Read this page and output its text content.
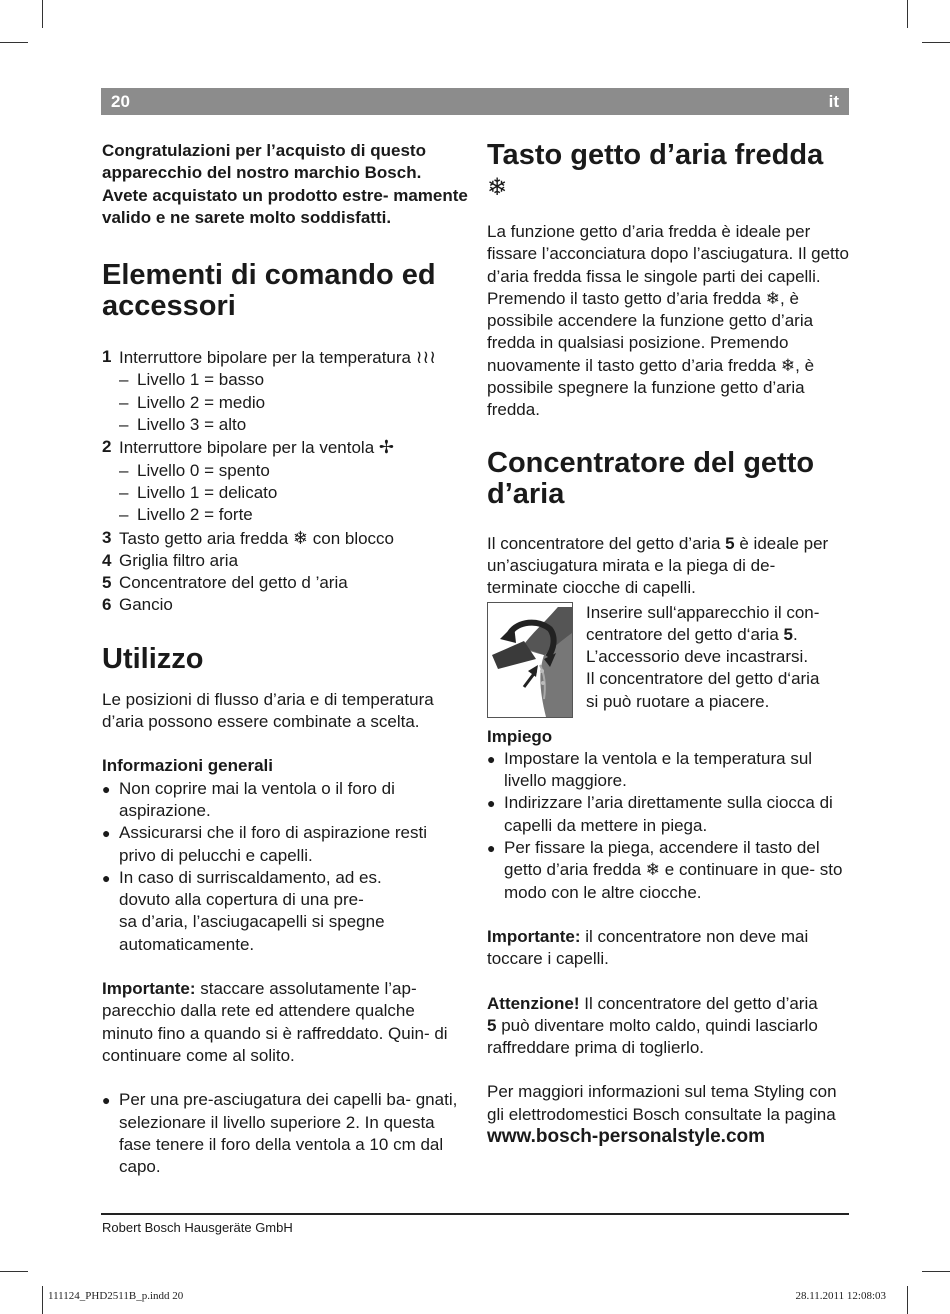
20	it

Congratulazioni per l’acquisto di questo apparecchio del nostro marchio Bosch. Avete acquistato un prodotto estre- mamente valido e ne sarete molto soddisfatti.

Elementi di comando ed
accessori
1 Interruttore bipolare per la temperatura ≀≀≀
– Livello 1 = basso
– Livello 2 = medio
– Livello 3 = alto
2 Interruttore bipolare per la ventola ✢
– Livello 0 = spento
– Livello 1 = delicato
– Livello 2 = forte
3 Tasto getto aria fredda ❄ con blocco
4 Griglia filtro aria
5 Concentratore del getto d ’aria
6 Gancio
Utilizzo

Le posizioni di flusso d’aria e di temperatura d’aria possono essere combinate a scelta.

Informazioni generali

● Non coprire mai la ventola o il foro di aspirazione.
● Assicurarsi che il foro di aspirazione resti privo di pelucchi e capelli.
● In caso di surriscaldamento, ad es.
dovuto alla copertura di una pre-
sa d’aria, l’asciugacapelli si spegne
automaticamente.

Importante: staccare assolutamente l’ap- parecchio dalla rete ed attendere qualche minuto fino a quando si è raffreddato. Quin- di continuare come al solito.

● Per una pre-asciugatura dei capelli ba- gnati, selezionare il livello superiore 2. In questa fase tenere il foro della ventola a 10 cm dal capo.
Tasto getto d’aria fredda ❄

La funzione getto d’aria fredda è ideale per fissare l’acconciatura dopo l’asciugatura. Il getto d’aria fredda fissa le singole parti dei capelli. Premendo il tasto getto d’aria fredda ❄, è possibile accendere la funzione getto d’aria fredda in qualsiasi posizione. Premendo nuovamente il tasto getto d’aria fredda ❄, è possibile spegnere la funzione getto d’aria fredda.

Concentratore del getto
d’aria

Il concentratore del getto d’aria 5 è ideale per un’asciugatura mirata e la piega di de- terminate ciocche di capelli.

Inserire sull‘apparecchio il con-
centratore del getto d‘aria 5.
L’accessorio deve incastrarsi.
Il concentratore del getto d‘aria
si può ruotare a piacere.

Impiego

● Impostare la ventola e la temperatura sul livello maggiore.
● Indirizzare l’aria direttamente sulla ciocca di capelli da mettere in piega.
● Per fissare la piega, accendere il tasto del getto d’aria fredda ❄ e continuare in que- sto modo con le altre ciocche.

Importante: il concentratore non deve mai toccare i capelli.

Attenzione! Il concentratore del getto d’aria
5 può diventare molto caldo, quindi lasciarlo raffreddare prima di toglierlo.

Per maggiori informazioni sul tema Styling con gli elettrodomestici Bosch consultate la pagina

www.bosch-personalstyle.com

Robert Bosch Hausgeräte GmbH
111124_PHD2511B_p.indd 20	28.11.2011 12:08:03
